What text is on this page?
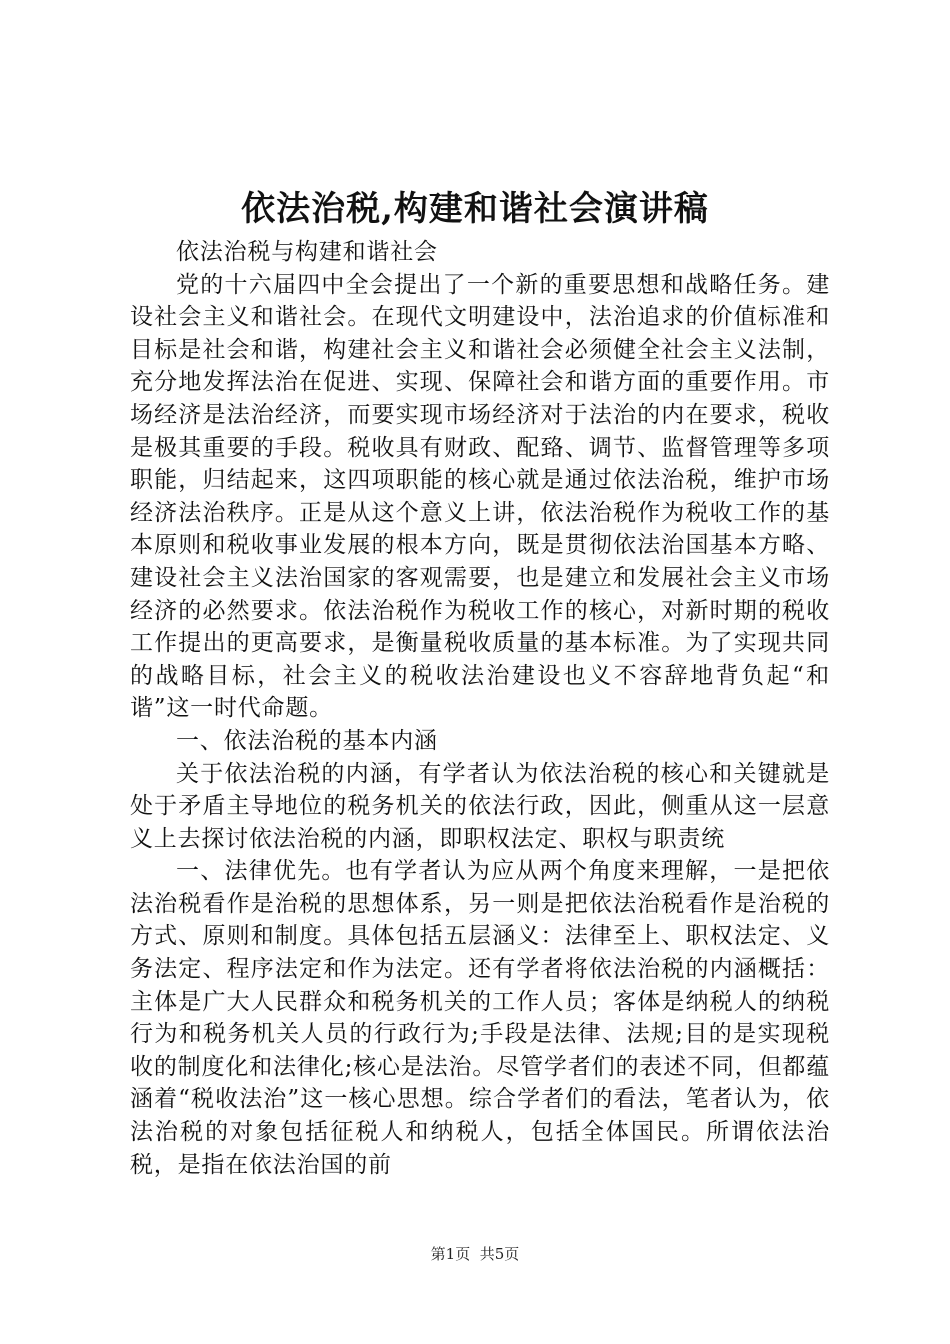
依法治税,构建和谐社会演讲稿

依法治税与构建和谐社会

党的十六届四中全会提出了一个新的重要思想和战略任务。建设社会主义和谐社会。在现代文明建设中，法治追求的价值标准和目标是社会和谐，构建社会主义和谐社会必须健全社会主义法制，充分地发挥法治在促进、实现、保障社会和谐方面的重要作用。市场经济是法治经济，而要实现市场经济对于法治的内在要求，税收是极其重要的手段。税收具有财政、配臵、调节、监督管理等多项职能，归结起来，这四项职能的核心就是通过依法治税，维护市场经济法治秩序。正是从这个意义上讲，依法治税作为税收工作的基本原则和税收事业发展的根本方向，既是贯彻依法治国基本方略、建设社会主义法治国家的客观需要，也是建立和发展社会主义市场经济的必然要求。依法治税作为税收工作的核心，对新时期的税收工作提出的更高要求，是衡量税收质量的基本标准。为了实现共同的战略目标，社会主义的税收法治建设也义不容辞地背负起“和谐”这一时代命题。

一、依法治税的基本内涵

关于依法治税的内涵，有学者认为依法治税的核心和关键就是处于矛盾主导地位的税务机关的依法行政，因此，侧重从这一层意义上去探讨依法治税的内涵，即职权法定、职权与职责统

一、法律优先。也有学者认为应从两个角度来理解，一是把依法治税看作是治税的思想体系，另一则是把依法治税看作是治税的方式、原则和制度。具体包括五层涵义：法律至上、职权法定、义务法定、程序法定和作为法定。还有学者将依法治税的内涵概括：主体是广大人民群众和税务机关的工作人员；客体是纳税人的纳税行为和税务机关人员的行政行为;手段是法律、法规;目的是实现税收的制度化和法律化;核心是法治。尽管学者们的表述不同，但都蕴涵着“税收法治”这一核心思想。综合学者们的看法，笔者认为，依法治税的对象包括征税人和纳税人，包括全体国民。所谓依法治税，是指在依法治国的前

第1页 共5页
